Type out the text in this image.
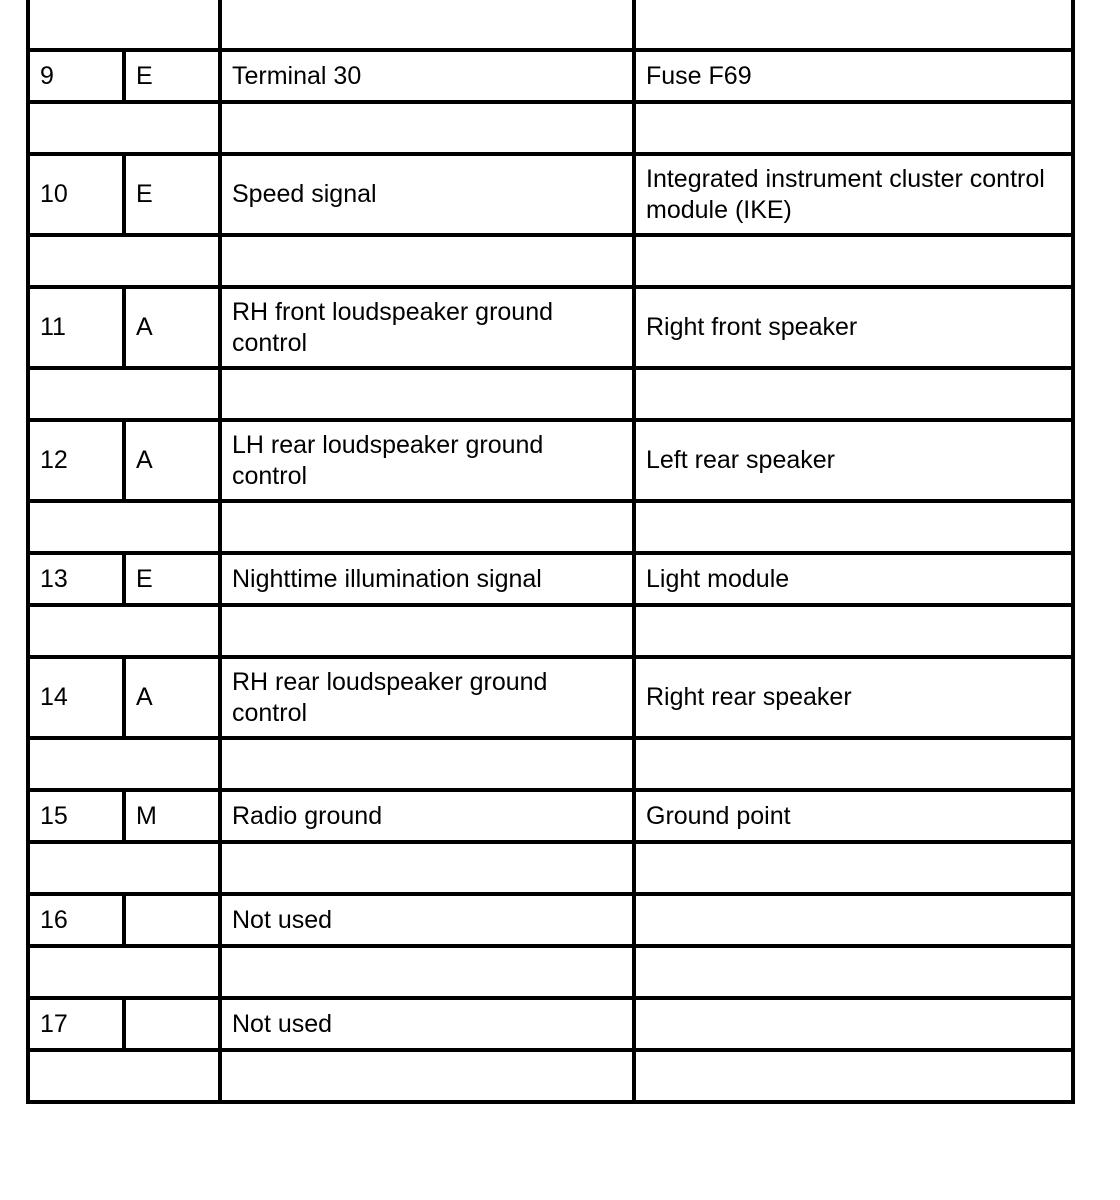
9	E	Terminal 30	Fuse F69

10	E	Speed signal	Integrated instrument cluster control module (IKE)

11	A	RH front loudspeaker ground control	Right front speaker

12	A	LH rear loudspeaker ground control	Left rear speaker

13	E	Nighttime illumination signal	Light module

14	A	RH rear loudspeaker ground control	Right rear speaker

15	M	Radio ground	Ground point

16		Not used	

17		Not used	
